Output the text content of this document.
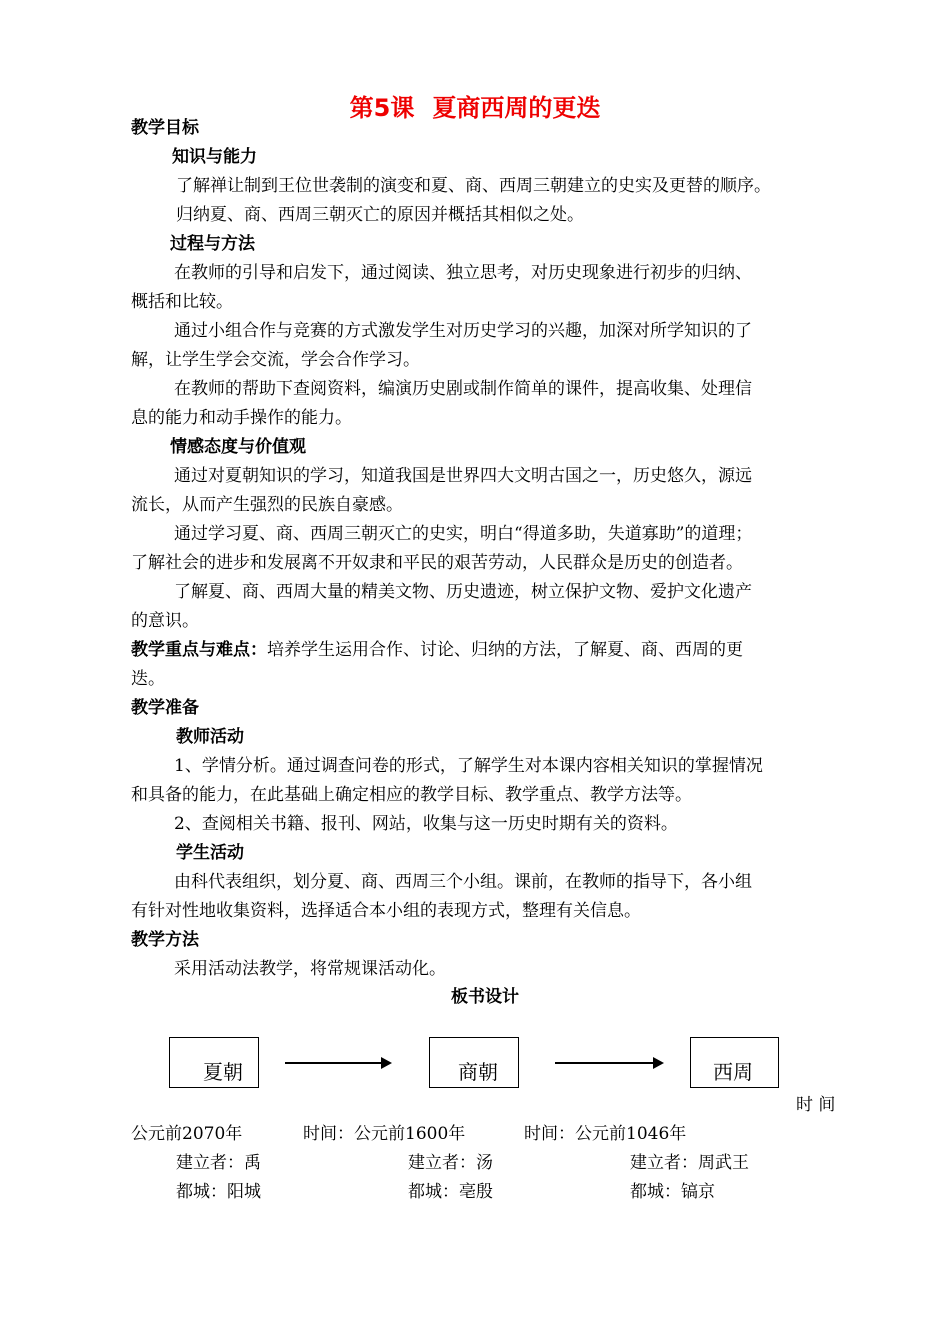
第5课 夏商西周的更迭
教学目标
知识与能力
了解禅让制到王位世袭制的演变和夏、商、西周三朝建立的史实及更替的顺序。
归纳夏、商、西周三朝灭亡的原因并概括其相似之处。
过程与方法
在教师的引导和启发下，通过阅读、独立思考，对历史现象进行初步的归纳、
概括和比较。
通过小组合作与竞赛的方式激发学生对历史学习的兴趣，加深对所学知识的了
解，让学生学会交流，学会合作学习。
在教师的帮助下查阅资料，编演历史剧或制作简单的课件，提高收集、处理信
息的能力和动手操作的能力。
情感态度与价值观
通过对夏朝知识的学习，知道我国是世界四大文明古国之一，历史悠久，源远
流长，从而产生强烈的民族自豪感。
通过学习夏、商、西周三朝灭亡的史实，明白“得道多助，失道寡助”的道理；
了解社会的进步和发展离不开奴隶和平民的艰苦劳动，人民群众是历史的创造者。
了解夏、商、西周大量的精美文物、历史遗迹，树立保护文物、爱护文化遗产
的意识。
教学重点与难点：培养学生运用合作、讨论、归纳的方法，了解夏、商、西周的更
迭。
教学准备
教师活动
1、学情分析。通过调查问卷的形式，了解学生对本课内容相关知识的掌握情况
和具备的能力，在此基础上确定相应的教学目标、教学重点、教学方法等。
2、查阅相关书籍、报刊、网站，收集与这一历史时期有关的资料。
学生活动
由科代表组织，划分夏、商、西周三个小组。课前，在教师的指导下，各小组
有针对性地收集资料，选择适合本小组的表现方式，整理有关信息。
教学方法
采用活动法教学，将常规课活动化。
板书设计
夏朝	商朝	西周
时 间
公元前2070年	时间：公元前1600年	时间：公元前1046年
建立者：禹	建立者：汤	建立者：周武王
都城：阳城	都城：亳殷	都城：镐京
